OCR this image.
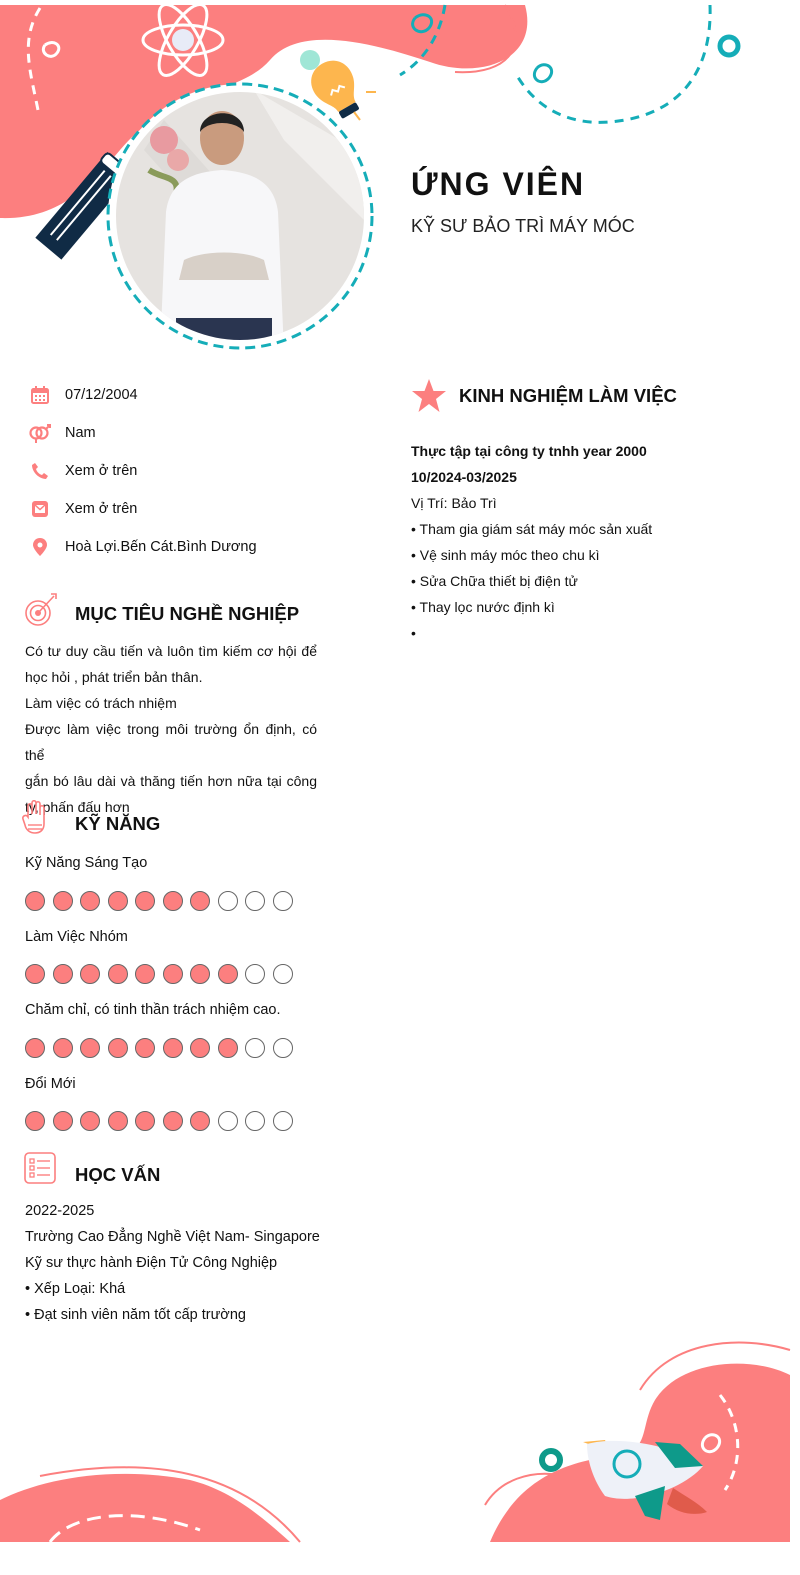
ỨNG VIÊN
KỸ SƯ BẢO TRÌ MÁY MÓC
07/12/2004
Nam
Xem ở trên
Xem ở trên
Hoà Lợi.Bến Cát.Bình Dương
MỤC TIÊU NGHỀ NGHIỆP
Có tư duy cầu tiến và luôn tìm kiếm cơ hội để
học hỏi , phát triển bản thân.
Làm việc có trách nhiệm
Được làm việc trong môi trường ổn định, có thể
gắn bó lâu dài và thăng tiến hơn nữa tại công
ty, phấn đấu hơn
KỸ NĂNG
Kỹ Năng Sáng Tạo
Làm Việc Nhóm
Chăm chỉ, có tinh thần trách nhiệm cao.
Đổi Mới
HỌC VẤN
2022-2025
Trường Cao Đẳng Nghề Việt Nam- Singapore
Kỹ sư thực hành Điện Tử Công Nghiệp
• Xếp Loại: Khá
• Đạt sinh viên năm tốt cấp trường
KINH NGHIỆM LÀM VIỆC
Thực tập tại công ty tnhh year 2000
10/2024-03/2025
Vị Trí: Bảo Trì
• Tham gia giám sát máy móc sản xuất
• Vệ sinh máy móc theo chu kì
• Sửa Chữa thiết bị điện tử
• Thay lọc nước định kì
•
